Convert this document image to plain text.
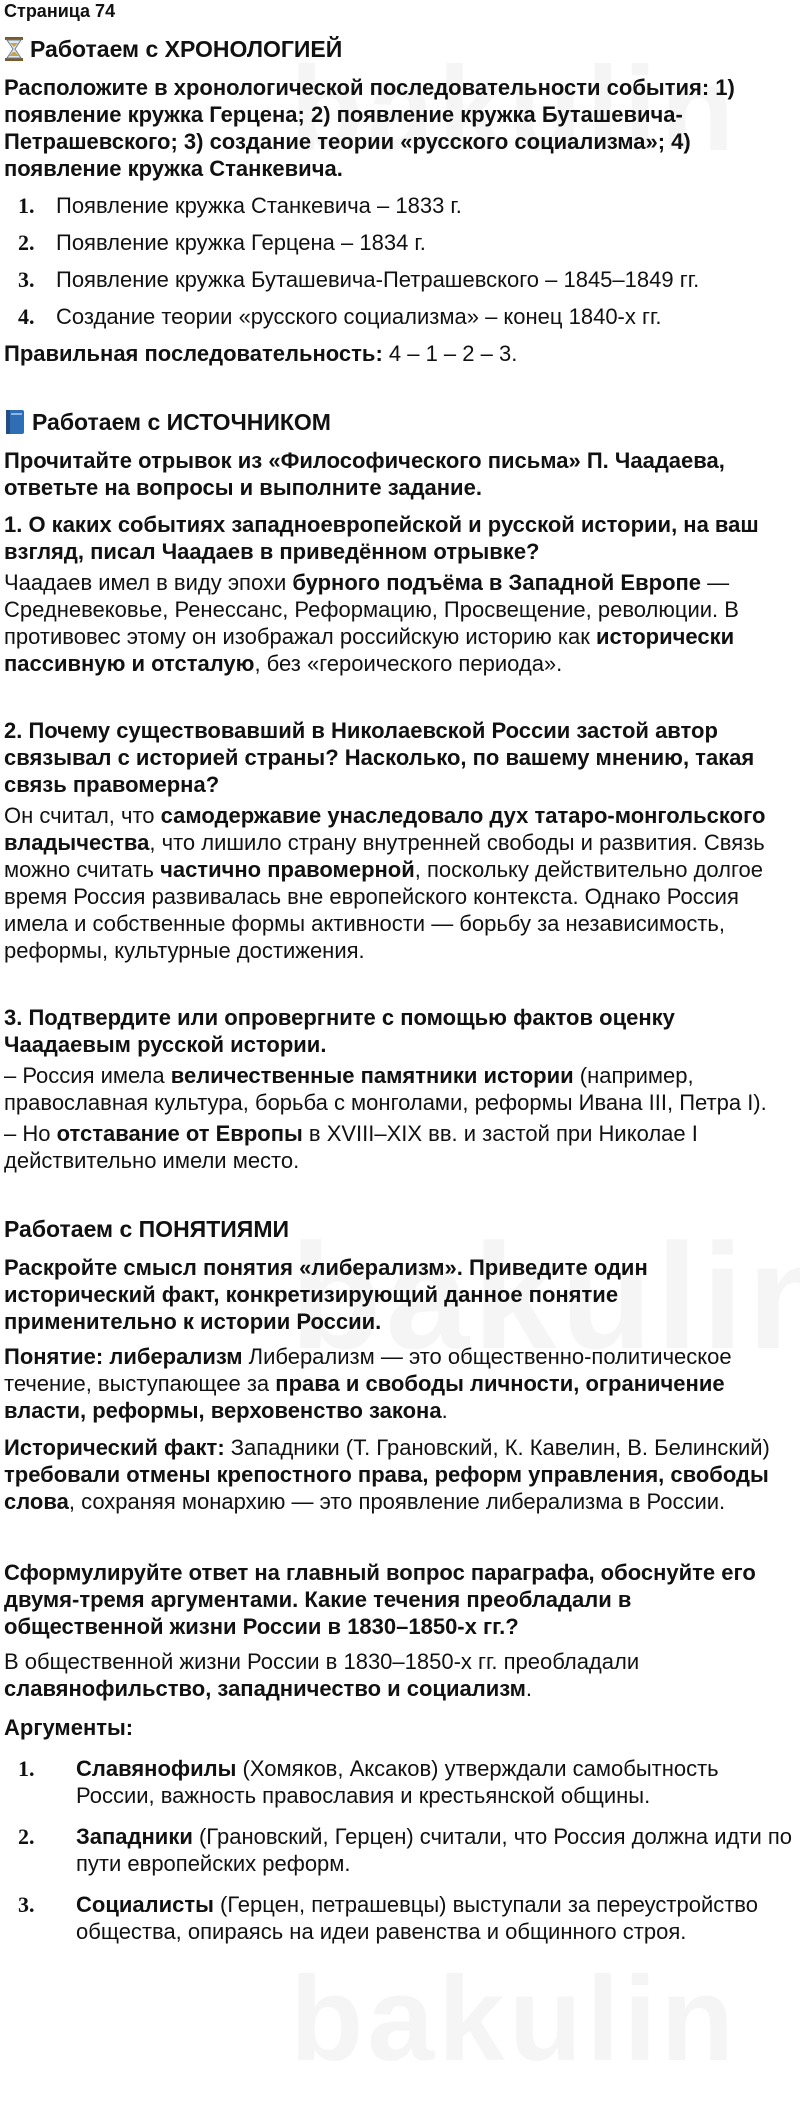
Страница 74
Работаем с ХРОНОЛОГИЕЙ
Расположите в хронологической последовательности события: 1) появление кружка Герцена; 2) появление кружка Буташевича-Петрашевского; 3) создание теории «русского социализма»; 4) появление кружка Станкевича.
1. Появление кружка Станкевича – 1833 г.
2. Появление кружка Герцена – 1834 г.
3. Появление кружка Буташевича-Петрашевского – 1845–1849 гг.
4. Создание теории «русского социализма» – конец 1840-х гг.
Правильная последовательность: 4 – 1 – 2 – 3.
Работаем с ИСТОЧНИКОМ
Прочитайте отрывок из «Философического письма» П. Чаадаева, ответьте на вопросы и выполните задание.
1. О каких событиях западноевропейской и русской истории, на ваш взгляд, писал Чаадаев в приведённом отрывке?
Чаадаев имел в виду эпохи бурного подъёма в Западной Европе — Средневековье, Ренессанс, Реформацию, Просвещение, революции. В противовес этому он изображал российскую историю как исторически пассивную и отсталую, без «героического периода».
2. Почему существовавший в Николаевской России застой автор связывал с историей страны? Насколько, по вашему мнению, такая связь правомерна?
Он считал, что самодержавие унаследовало дух татаро-монгольского владычества, что лишило страну внутренней свободы и развития. Связь можно считать частично правомерной, поскольку действительно долгое время Россия развивалась вне европейского контекста. Однако Россия имела и собственные формы активности — борьбу за независимость, реформы, культурные достижения.
3. Подтвердите или опровергните с помощью фактов оценку Чаадаевым русской истории.
– Россия имела величественные памятники истории (например, православная культура, борьба с монголами, реформы Ивана III, Петра I).
– Но отставание от Европы в XVIII–XIX вв. и застой при Николае I действительно имели место.
Работаем с ПОНЯТИЯМИ
Раскройте смысл понятия «либерализм». Приведите один исторический факт, конкретизирующий данное понятие применительно к истории России.
Понятие: либерализм Либерализм — это общественно-политическое течение, выступающее за права и свободы личности, ограничение власти, реформы, верховенство закона.
Исторический факт: Западники (Т. Грановский, К. Кавелин, В. Белинский) требовали отмены крепостного права, реформ управления, свободы слова, сохраняя монархию — это проявление либерализма в России.
Сформулируйте ответ на главный вопрос параграфа, обоснуйте его двумя-тремя аргументами. Какие течения преобладали в общественной жизни России в 1830–1850-х гг.?
В общественной жизни России в 1830–1850-х гг. преобладали славянофильство, западничество и социализм.
Аргументы:
1.	Славянофилы (Хомяков, Аксаков) утверждали самобытность России, важность православия и крестьянской общины.
2.	Западники (Грановский, Герцен) считали, что Россия должна идти по пути европейских реформ.
3.	Социалисты (Герцен, петрашевцы) выступали за переустройство общества, опираясь на идеи равенства и общинного строя.
